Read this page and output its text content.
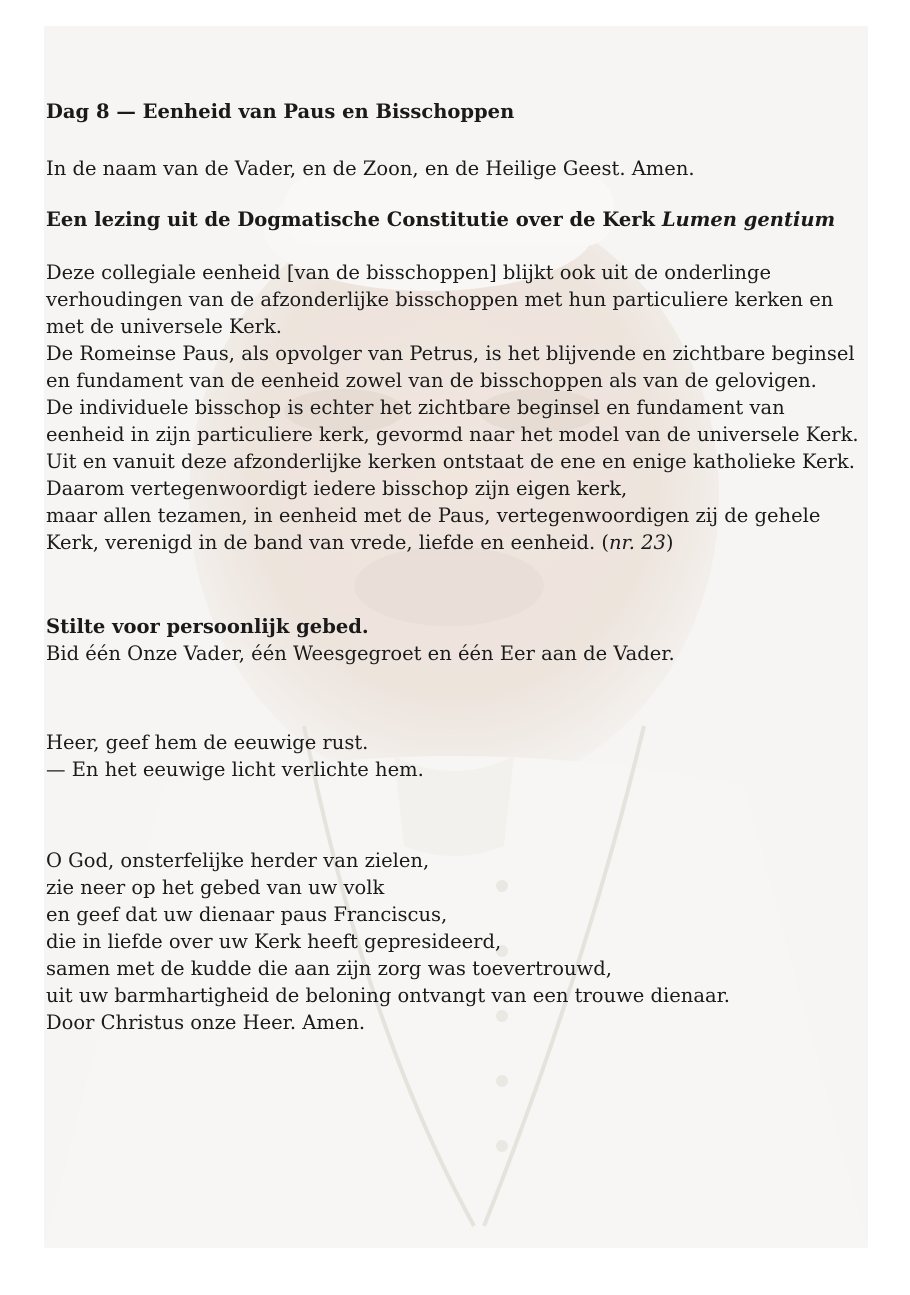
Dag 8 — Eenheid van Paus en Bisschoppen

In de naam van de Vader, en de Zoon, en de Heilige Geest. Amen.

Een lezing uit de Dogmatische Constitutie over de Kerk Lumen gentium

Deze collegiale eenheid [van de bisschoppen] blijkt ook uit de onderlinge verhoudingen van de afzonderlijke bisschoppen met hun particuliere kerken en met de universele Kerk.

De Romeinse Paus, als opvolger van Petrus, is het blijvende en zichtbare beginsel en fundament van de eenheid zowel van de bisschoppen als van de gelovigen.

De individuele bisschop is echter het zichtbare beginsel en fundament van eenheid in zijn particuliere kerk, gevormd naar het model van de universele Kerk.

Uit en vanuit deze afzonderlijke kerken ontstaat de ene en enige katholieke Kerk.

Daarom vertegenwoordigt iedere bisschop zijn eigen kerk,

maar allen tezamen, in eenheid met de Paus, vertegenwoordigen zij de gehele Kerk, verenigd in de band van vrede, liefde en eenheid. (nr. 23)

Stilte voor persoonlijk gebed.

Bid één Onze Vader, één Weesgegroet en één Eer aan de Vader.

Heer, geef hem de eeuwige rust.

— En het eeuwige licht verlichte hem.

O God, onsterfelijke herder van zielen,

zie neer op het gebed van uw volk

en geef dat uw dienaar paus Franciscus,

die in liefde over uw Kerk heeft gepresideerd,

samen met de kudde die aan zijn zorg was toevertrouwd,

uit uw barmhartigheid de beloning ontvangt van een trouwe dienaar.

Door Christus onze Heer. Amen.
